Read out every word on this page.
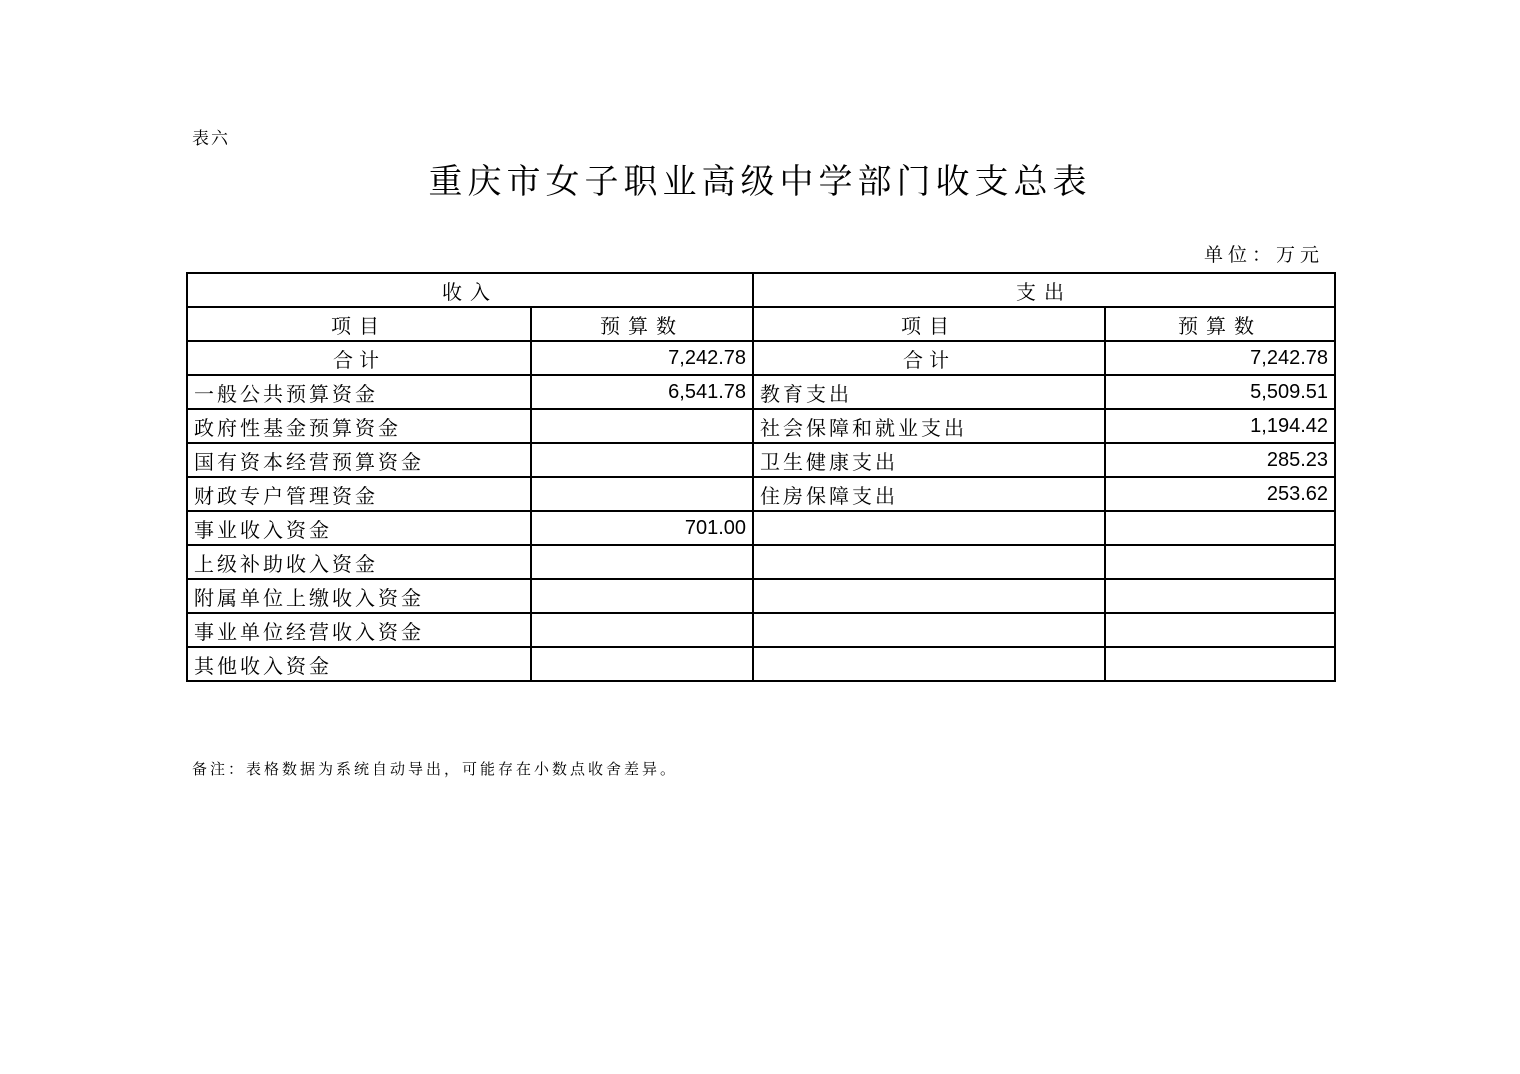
表六
重庆市女子职业高级中学部门收支总表
单位：万元
收入		支出	
项目	预算数	项目	预算数
合计	7,242.78	合计	7,242.78
一般公共预算资金	6,541.78	教育支出	5,509.51
政府性基金预算资金		社会保障和就业支出	1,194.42
国有资本经营预算资金		卫生健康支出	285.23
财政专户管理资金		住房保障支出	253.62
事业收入资金	701.00		
上级补助收入资金			
附属单位上缴收入资金			
事业单位经营收入资金			
其他收入资金			
备注：表格数据为系统自动导出，可能存在小数点收舍差异。
